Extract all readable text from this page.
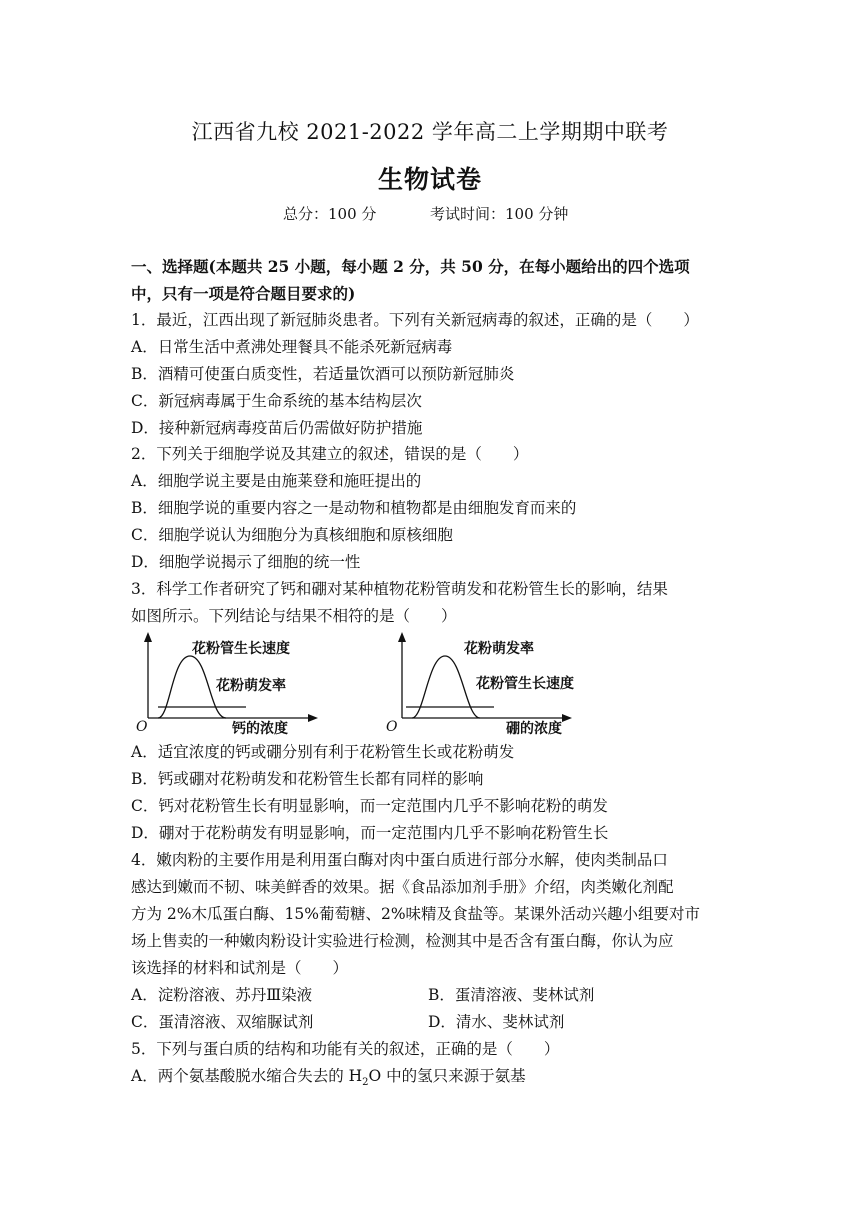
江西省九校 2021-2022 学年高二上学期期中联考
生物试卷
总分：100 分	考试时间：100 分钟
一、选择题(本题共 25 小题，每小题 2 分，共 50 分，在每小题给出的四个选项
中，只有一项是符合题目要求的)
1．最近，江西出现了新冠肺炎患者。下列有关新冠病毒的叙述，正确的是（　　）
A．日常生活中煮沸处理餐具不能杀死新冠病毒
B．酒精可使蛋白质变性，若适量饮酒可以预防新冠肺炎
C．新冠病毒属于生命系统的基本结构层次
D．接种新冠病毒疫苗后仍需做好防护措施
2．下列关于细胞学说及其建立的叙述，错误的是（　　）
A．细胞学说主要是由施莱登和施旺提出的
B．细胞学说的重要内容之一是动物和植物都是由细胞发育而来的
C．细胞学说认为细胞分为真核细胞和原核细胞
D．细胞学说揭示了细胞的统一性
3．科学工作者研究了钙和硼对某种植物花粉管萌发和花粉管生长的影响，结果
如图所示。下列结论与结果不相符的是（　　）
O
花粉管生长速度
花粉萌发率
钙的浓度	O
花粉萌发率
花粉管生长速度
硼的浓度
A．适宜浓度的钙或硼分别有利于花粉管生长或花粉萌发
B．钙或硼对花粉萌发和花粉管生长都有同样的影响
C．钙对花粉管生长有明显影响，而一定范围内几乎不影响花粉的萌发
D．硼对于花粉萌发有明显影响，而一定范围内几乎不影响花粉管生长
4．嫩肉粉的主要作用是利用蛋白酶对肉中蛋白质进行部分水解，使肉类制品口
感达到嫩而不韧、味美鲜香的效果。据《食品添加剂手册》介绍，肉类嫩化剂配
方为 2%木瓜蛋白酶、15%葡萄糖、2%味精及食盐等。某课外活动兴趣小组要对市
场上售卖的一种嫩肉粉设计实验进行检测，检测其中是否含有蛋白酶，你认为应
该选择的材料和试剂是（　　）
A．淀粉溶液、苏丹Ⅲ染液	B．蛋清溶液、斐林试剂
C．蛋清溶液、双缩脲试剂	D．清水、斐林试剂
5．下列与蛋白质的结构和功能有关的叙述，正确的是（　　）
A．两个氨基酸脱水缩合失去的 $H_2O$ 中的氢只来源于氨基
